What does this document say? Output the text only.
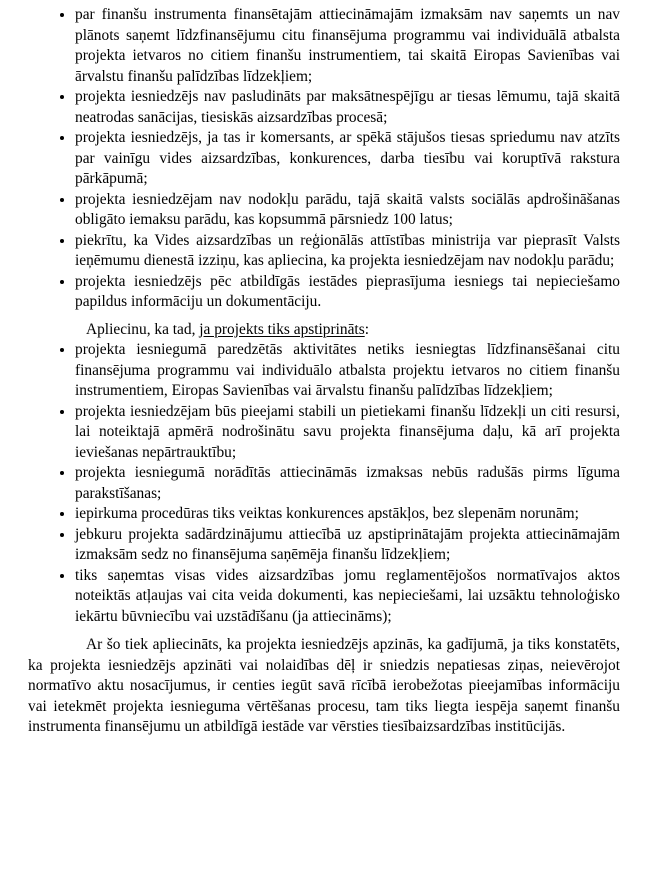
• par finanšu instrumenta finansētajām attiecināmajām izmaksām nav saņemts un nav plānots saņemt līdzfinansējumu citu finansējuma programmu vai individuālā atbalsta projekta ietvaros no citiem finanšu instrumentiem, tai skaitā Eiropas Savienības vai ārvalstu finanšu palīdzības līdzekļiem;
• projekta iesniedzējs nav pasludināts par maksātnespējīgu ar tiesas lēmumu, tajā skaitā neatrodas sanācijas, tiesiskās aizsardzības procesā;
• projekta iesniedzējs, ja tas ir komersants, ar spēkā stājušos tiesas spriedumu nav atzīts par vainīgu vides aizsardzības, konkurences, darba tiesību vai koruptīvā rakstura pārkāpumā;
• projekta iesniedzējam nav nodokļu parādu, tajā skaitā valsts sociālās apdrošināšanas obligāto iemaksu parādu, kas kopsummā pārsniedz 100 latus;
• piekrītu, ka Vides aizsardzības un reģionālās attīstības ministrija var pieprasīt Valsts ieņēmumu dienestā izziņu, kas apliecina, ka projekta iesniedzējam nav nodokļu parādu;
• projekta iesniedzējs pēc atbildīgās iestādes pieprasījuma iesniegs tai nepieciešamo papildus informāciju un dokumentāciju.

Apliecinu, ka tad, ja projekts tiks apstiprināts:

• projekta iesniegumā paredzētās aktivitātes netiks iesniegtas līdzfinansēšanai citu finansējuma programmu vai individuālo atbalsta projektu ietvaros no citiem finanšu instrumentiem, Eiropas Savienības vai ārvalstu finanšu palīdzības līdzekļiem;
• projekta iesniedzējam būs pieejami stabili un pietiekami finanšu līdzekļi un citi resursi, lai noteiktajā apmērā nodrošinātu savu projekta finansējuma daļu, kā arī projekta ieviešanas nepārtrauktību;
• projekta iesniegumā norādītās attiecināmās izmaksas nebūs radušās pirms līguma parakstīšanas;
• iepirkuma procedūras tiks veiktas konkurences apstākļos, bez slepenām norunām;
• jebkuru projekta sadārdzinājumu attiecībā uz apstiprinātajām projekta attiecināmajām izmaksām sedz no finansējuma saņēmēja finanšu līdzekļiem;
• tiks saņemtas visas vides aizsardzības jomu reglamentējošos normatīvajos aktos noteiktās atļaujas vai cita veida dokumenti, kas nepieciešami, lai uzsāktu tehnoloģisko iekārtu būvniecību vai uzstādīšanu (ja attiecināms);

Ar šo tiek apliecināts, ka projekta iesniedzējs apzinās, ka gadījumā, ja tiks konstatēts, ka projekta iesniedzējs apzināti vai nolaidības dēļ ir sniedzis nepatiesas ziņas, neievērojot normatīvo aktu nosacījumus, ir centies iegūt savā rīcībā ierobežotas pieejamības informāciju vai ietekmēt projekta iesnieguma vērtēšanas procesu, tam tiks liegta iespēja saņemt finanšu instrumenta finansējumu un atbildīgā iestāde var vērsties tiesībaizsardzības institūcijās.
